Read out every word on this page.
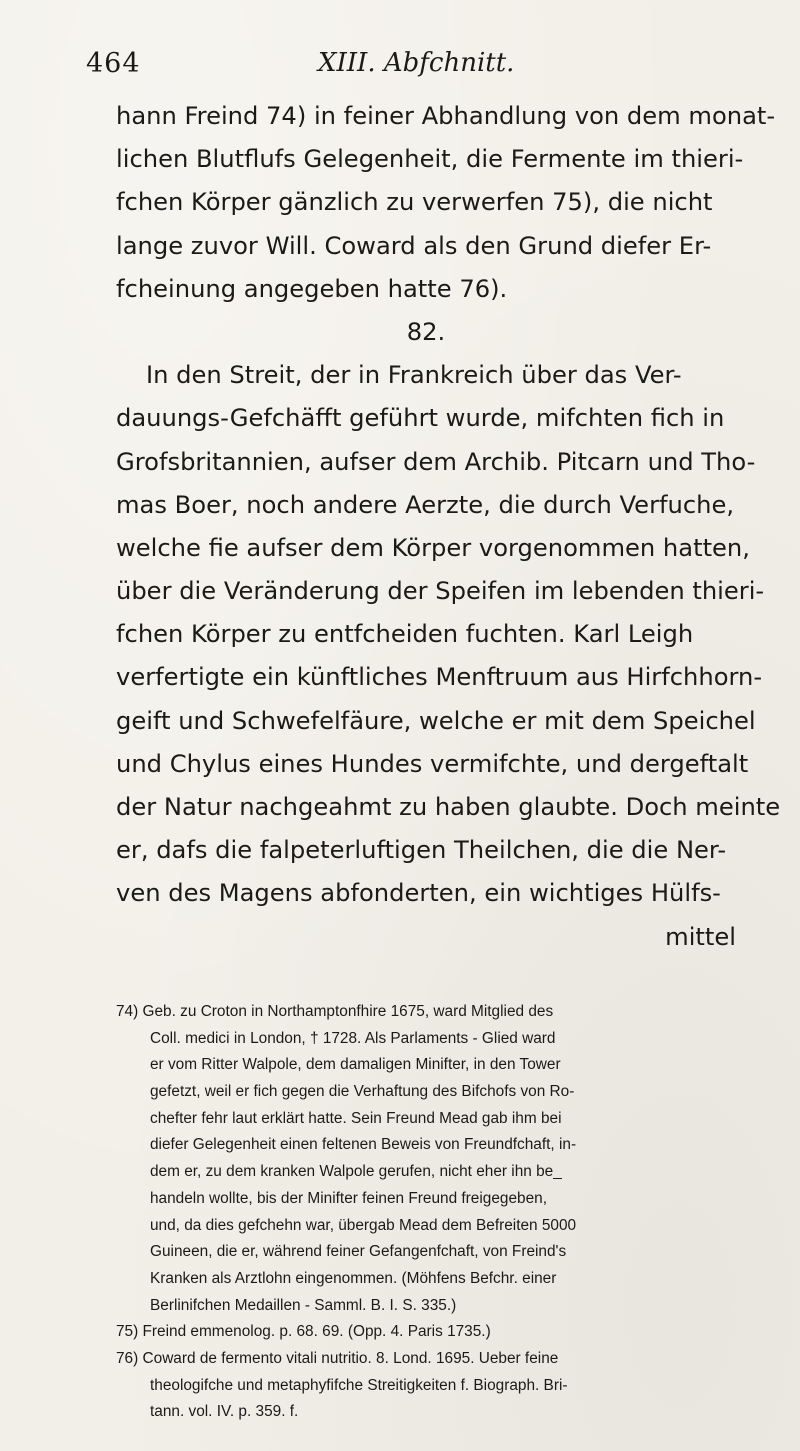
464	XIII. Abfchnitt.
hann Freind 74) in feiner Abhandlung von dem monat-
lichen Blutflufs Gelegenheit, die Fermente im thieri-
fchen Körper gänzlich zu verwerfen 75), die nicht
lange zuvor Will. Coward als den Grund diefer Er-
fcheinung angegeben hatte 76).
82.
In den Streit, der in Frankreich über das Ver-
dauungs-Gefchäfft geführt wurde, mifchten fich in
Grofsbritannien, aufser dem Archib. Pitcarn und Tho-
mas Boer, noch andere Aerzte, die durch Verfuche,
welche fie aufser dem Körper vorgenommen hatten,
über die Veränderung der Speifen im lebenden thieri-
fchen Körper zu entfcheiden fuchten. Karl Leigh
verfertigte ein künftliches Menftruum aus Hirfchhorn-
geift und Schwefelfäure, welche er mit dem Speichel
und Chylus eines Hundes vermifchte, und dergeftalt
der Natur nachgeahmt zu haben glaubte. Doch meinte
er, dafs die falpeterluftigen Theilchen, die die Ner-
ven des Magens abfonderten, ein wichtiges Hülfs-
mittel
74) Geb. zu Croton in Northamptonfhire 1675, ward Mitglied des
Coll. medici in London, † 1728. Als Parlaments - Glied ward
er vom Ritter Walpole, dem damaligen Minifter, in den Tower
gefetzt, weil er fich gegen die Verhaftung des Bifchofs von Ro-
chefter fehr laut erklärt hatte. Sein Freund Mead gab ihm bei
diefer Gelegenheit einen feltenen Beweis von Freundfchaft, in-
dem er, zu dem kranken Walpole gerufen, nicht eher ihn be_
handeln wollte, bis der Minifter feinen Freund freigegeben,
und, da dies gefchehn war, übergab Mead dem Befreiten 5000
Guineen, die er, während feiner Gefangenfchaft, von Freind's
Kranken als Arztlohn eingenommen. (Möhfens Befchr. einer
Berlinifchen Medaillen - Samml. B. I. S. 335.)
75) Freind emmenolog. p. 68. 69. (Opp. 4. Paris 1735.)
76) Coward de fermento vitali nutritio. 8. Lond. 1695. Ueber feine
theologifche und metaphyfifche Streitigkeiten f. Biograph. Bri-
tann. vol. IV. p. 359. f.
